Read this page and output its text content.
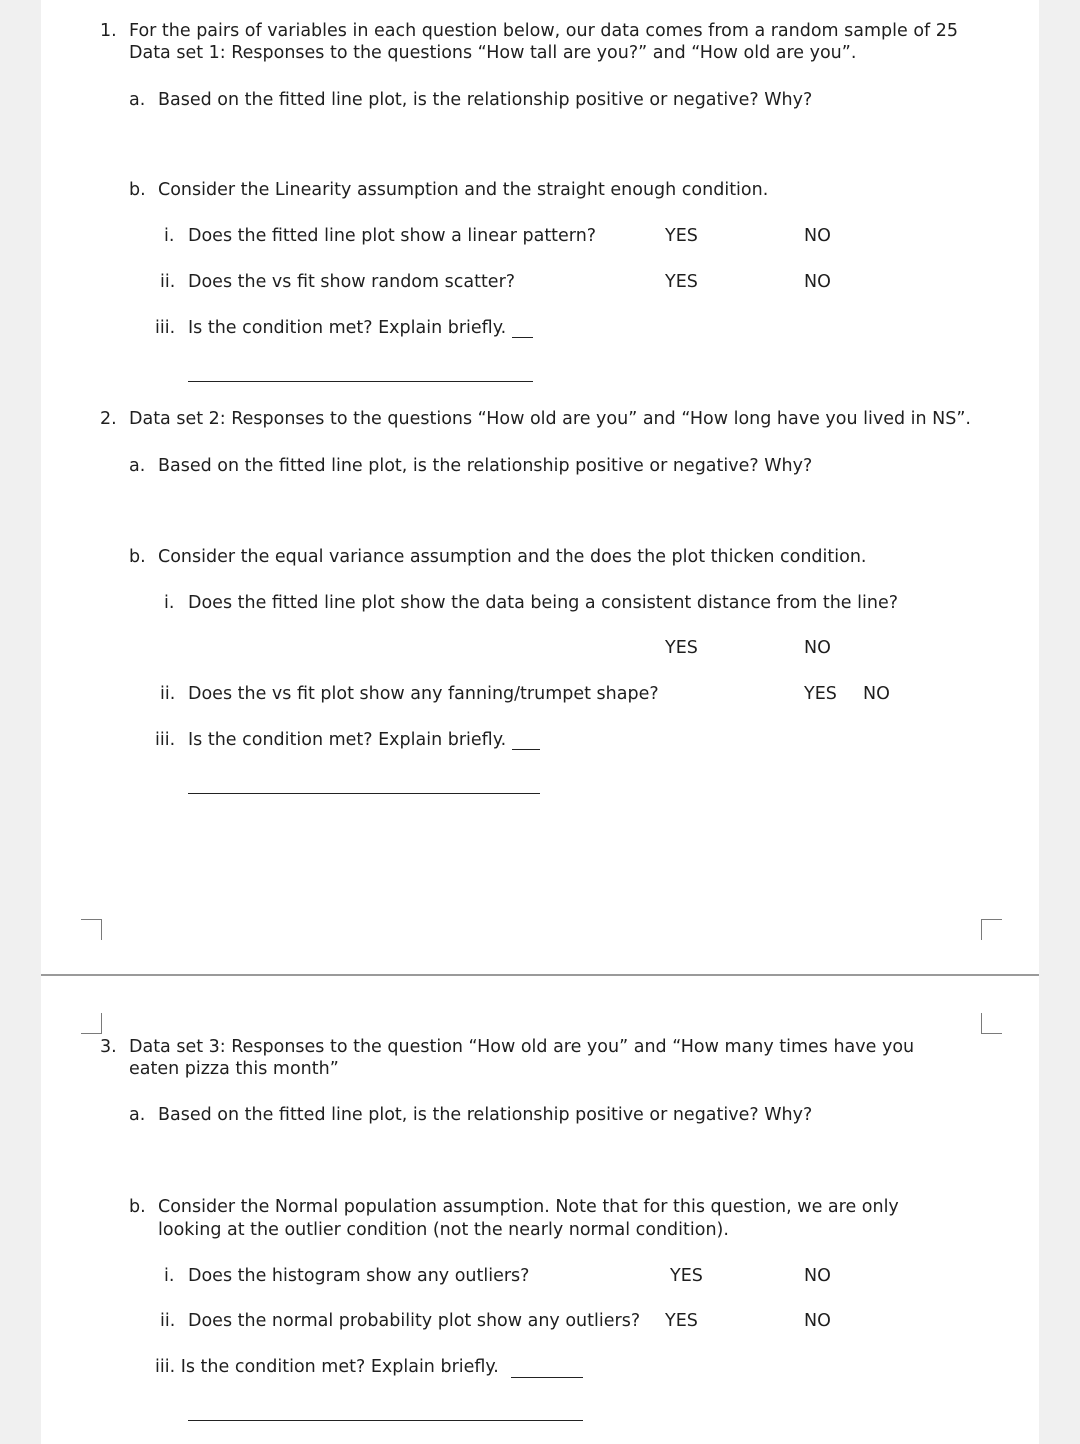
1. For the pairs of variables in each question below, our data comes from a random sample of 25
Data set 1: Responses to the questions “How tall are you?” and “How old are you”.
a. Based on the fitted line plot, is the relationship positive or negative? Why?
b. Consider the Linearity assumption and the straight enough condition.
i. Does the fitted line plot show a linear pattern?	YES	NO
ii. Does the vs fit show random scatter?	YES	NO
iii. Is the condition met? Explain briefly.
2. Data set 2: Responses to the questions “How old are you” and “How long have you lived in NS”.
a. Based on the fitted line plot, is the relationship positive or negative? Why?
b. Consider the equal variance assumption and the does the plot thicken condition.
i. Does the fitted line plot show the data being a consistent distance from the line?
YES	NO
ii. Does the vs fit plot show any fanning/trumpet shape?	YES NO
iii. Is the condition met? Explain briefly.
3. Data set 3: Responses to the question “How old are you” and “How many times have you
eaten pizza this month”
a. Based on the fitted line plot, is the relationship positive or negative? Why?
b. Consider the Normal population assumption. Note that for this question, we are only
looking at the outlier condition (not the nearly normal condition).
i. Does the histogram show any outliers?	YES	NO
ii. Does the normal probability plot show any outliers? YES	NO
iii. Is the condition met? Explain briefly.
